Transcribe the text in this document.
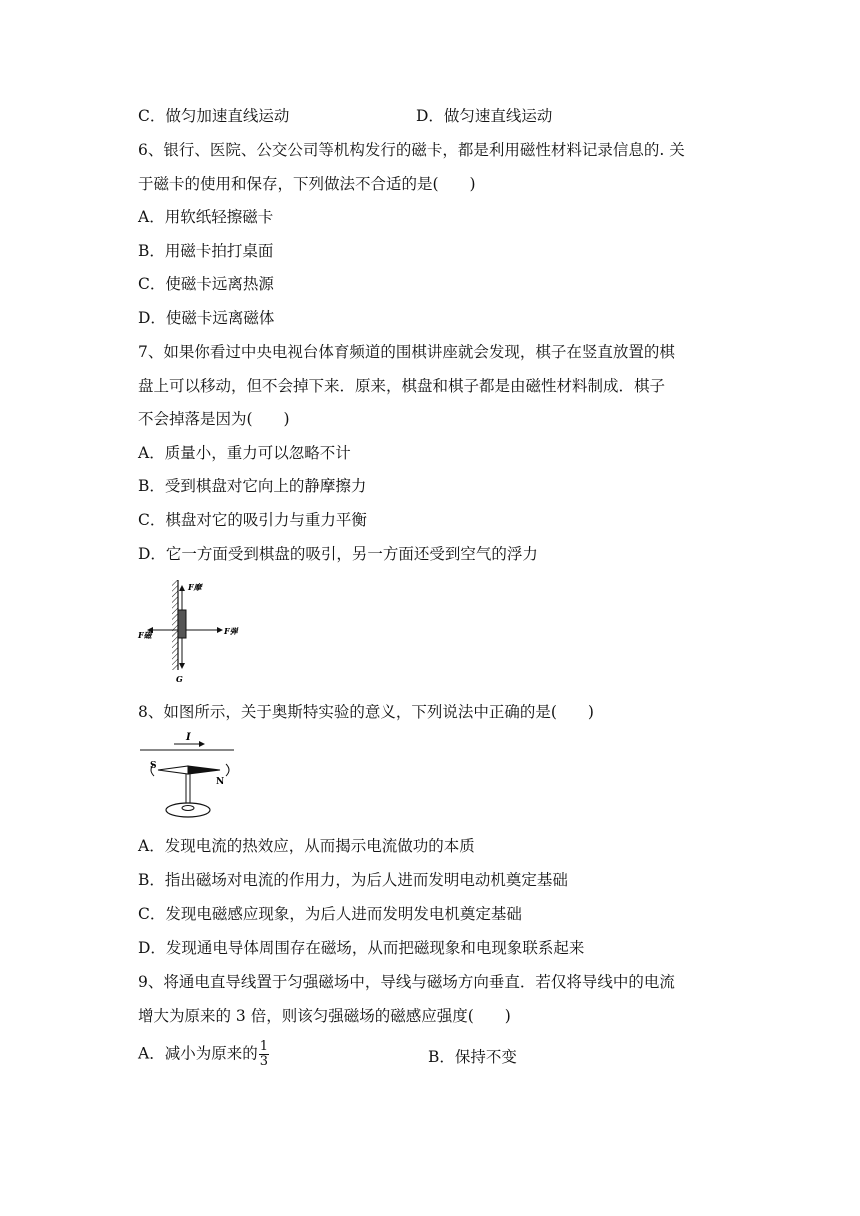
C．做匀加速直线运动	D．做匀速直线运动
6、银行、医院、公交公司等机构发行的磁卡，都是利用磁性材料记录信息的. 关
于磁卡的使用和保存，下列做法不合适的是(　　)
A．用软纸轻擦磁卡
B．用磁卡拍打桌面
C．使磁卡远离热源
D．使磁卡远离磁体
7、如果你看过中央电视台体育频道的围棋讲座就会发现，棋子在竖直放置的棋
盘上可以移动，但不会掉下来．原来，棋盘和棋子都是由磁性材料制成．棋子
不会掉落是因为(　　)
A．质量小，重力可以忽略不计
B．受到棋盘对它向上的静摩擦力
C．棋盘对它的吸引力与重力平衡
D．它一方面受到棋盘的吸引，另一方面还受到空气的浮力
F摩
F磁	F弹
G
8、如图所示，关于奥斯特实验的意义，下列说法中正确的是(　　)
I
S
N
A．发现电流的热效应，从而揭示电流做功的本质
B．指出磁场对电流的作用力，为后人进而发明电动机奠定基础
C．发现电磁感应现象，为后人进而发明发电机奠定基础
D．发现通电导体周围存在磁场，从而把磁现象和电现象联系起来
9、将通电直导线置于匀强磁场中，导线与磁场方向垂直．若仅将导线中的电流
增大为原来的 3 倍，则该匀强磁场的磁感应强度(　　)
A．减小为原来的 $\frac{1}{3}$	B．保持不变
